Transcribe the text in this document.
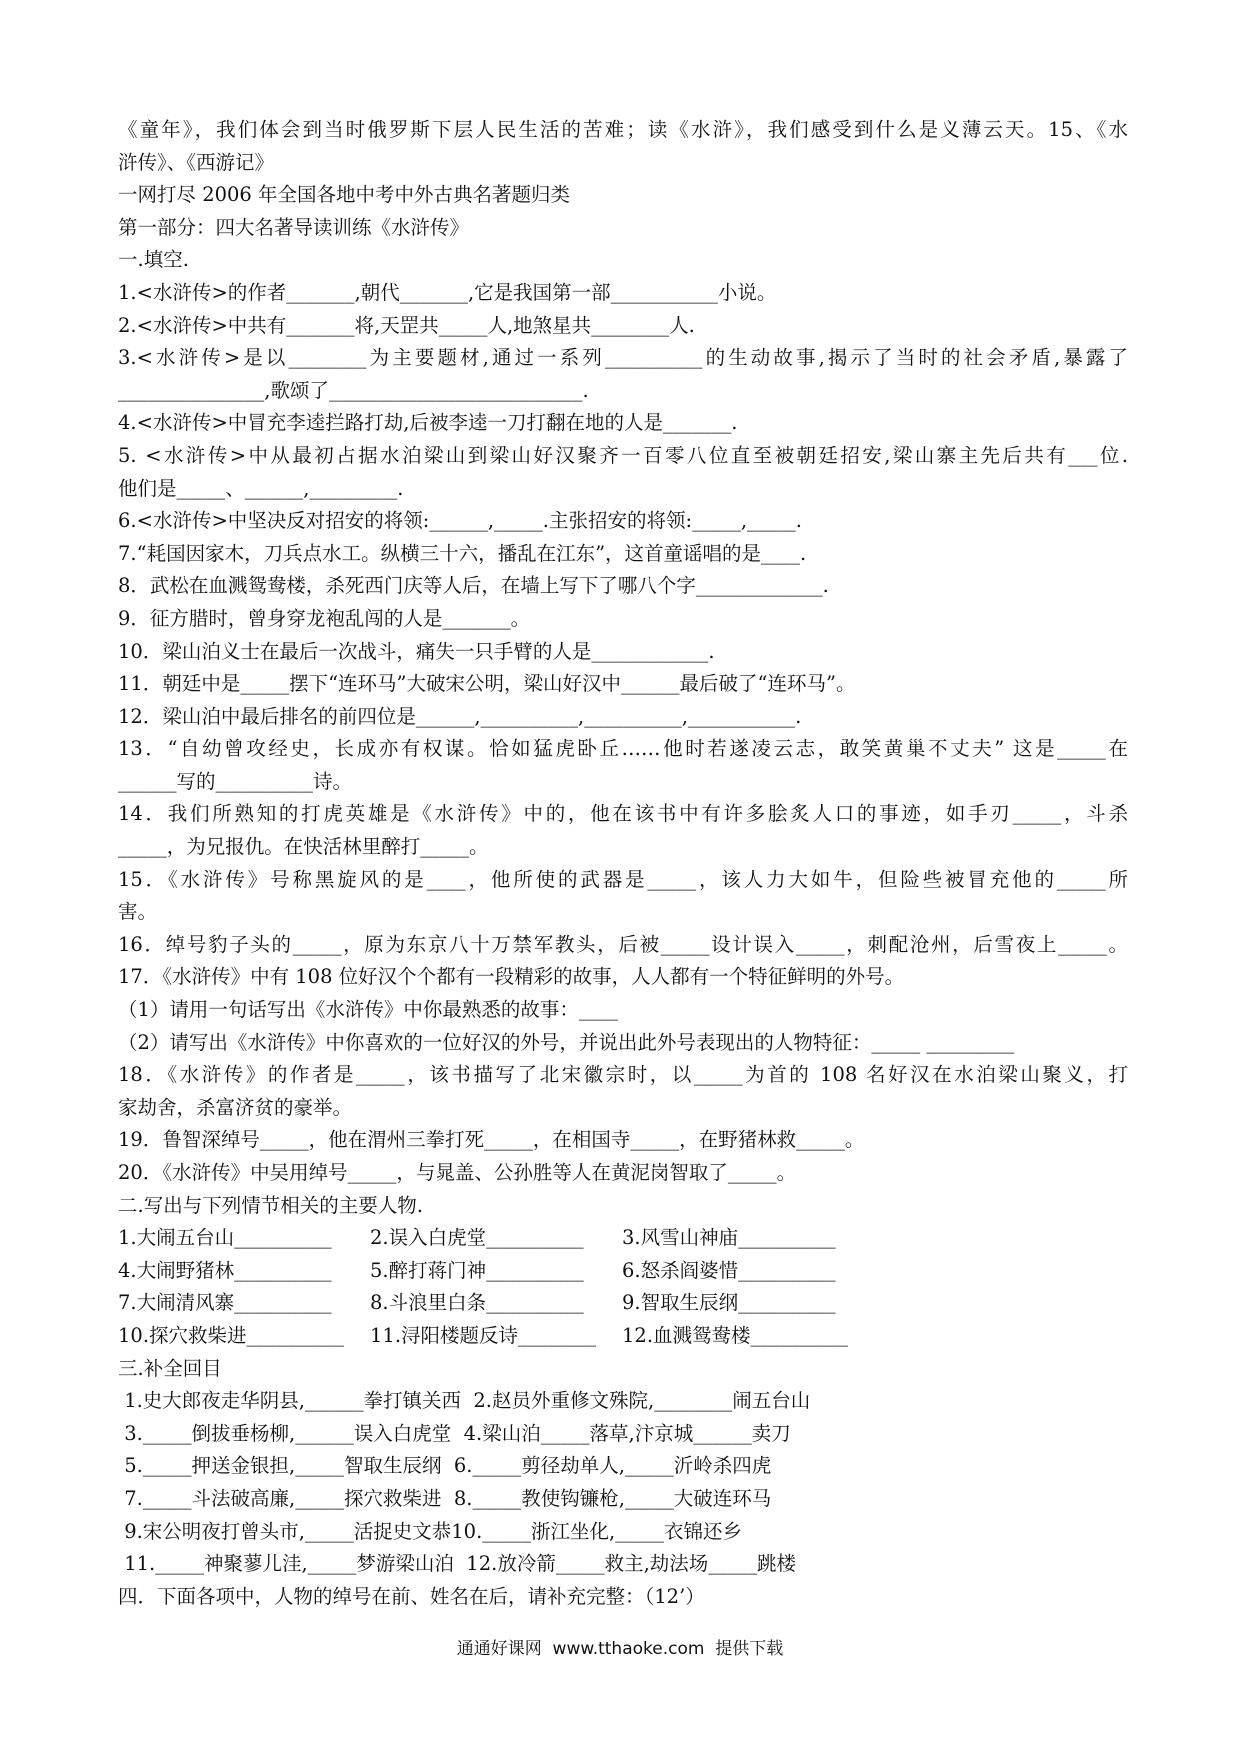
《童年》，我们体会到当时俄罗斯下层人民生活的苦难；读《水浒》，我们感受到什么是义薄云天。15、《水
浒传》、《西游记》
一网打尽 2006 年全国各地中考中外古典名著题归类
第一部分：四大名著导读训练《水浒传》
一.填空.
1.<水浒传>的作者_______,朝代_______,它是我国第一部___________小说。
2.<水浒传>中共有_______将,天罡共_____人,地煞星共________人.
3.<水浒传>是以________为主要题材,通过一系列__________的生动故事,揭示了当时的社会矛盾,暴露了
_______________,歌颂了__________________________.
4.<水浒传>中冒充李逵拦路打劫,后被李逵一刀打翻在地的人是_______.
5. <水浒传>中从最初占据水泊梁山到梁山好汉聚齐一百零八位直至被朝廷招安,梁山寨主先后共有___位.
他们是_____、______,_________.
6.<水浒传>中坚决反对招安的将领:______,_____.主张招安的将领:_____,_____.
7.“耗国因家木，刀兵点水工。纵横三十六，播乱在江东”，这首童谣唱的是____.
8．武松在血溅鸳鸯楼，杀死西门庆等人后，在墙上写下了哪八个字_____________.
9．征方腊时，曾身穿龙袍乱闯的人是_______。
10．梁山泊义士在最后一次战斗，痛失一只手臂的人是____________.
11．朝廷中是_____摆下“连环马”大破宋公明，梁山好汉中______最后破了“连环马”。
12．梁山泊中最后排名的前四位是______,__________,__________,___________.
13．“自幼曾攻经史，长成亦有权谋。恰如猛虎卧丘……他时若遂凌云志，敢笑黄巢不丈夫” 这是_____在
______写的__________诗。
14．我们所熟知的打虎英雄是《水浒传》中的，他在该书中有许多脍炙人口的事迹，如手刃_____，斗杀
_____，为兄报仇。在快活林里醉打_____。
15．《水浒传》号称黑旋风的是____，他所使的武器是_____，该人力大如牛，但险些被冒充他的_____所
害。
16．绰号豹子头的_____，原为东京八十万禁军教头，后被_____设计误入_____，刺配沧州，后雪夜上_____。
17．《水浒传》中有 108 位好汉个个都有一段精彩的故事，人人都有一个特征鲜明的外号。
（1）请用一句话写出《水浒传》中你最熟悉的故事：____
（2）请写出《水浒传》中你喜欢的一位好汉的外号，并说出此外号表现出的人物特征：_____ _________
18．《水浒传》的作者是_____，该书描写了北宋徽宗时，以_____为首的 108 名好汉在水泊梁山聚义，打
家劫舍，杀富济贫的豪举。
19．鲁智深绰号_____，他在渭州三拳打死_____，在相国寺_____，在野猪林救_____。
20．《水浒传》中吴用绰号_____，与晁盖、公孙胜等人在黄泥岗智取了_____。
二.写出与下列情节相关的主要人物.
1.大闹五台山__________	2.误入白虎堂__________	3.风雪山神庙__________
4.大闹野猪林__________	5.醉打蒋门神__________	6.怒杀阎婆惜__________
7.大闹清风寨__________	8.斗浪里白条__________	9.智取生辰纲__________
10.探穴救柴进__________	11.浔阳楼题反诗________	12.血溅鸳鸯楼__________
三.补全回目
1.史大郎夜走华阴县,______拳打镇关西  2.赵员外重修文殊院,________闹五台山
3._____倒拔垂杨柳,______误入白虎堂  4.梁山泊_____落草,汴京城______卖刀
5._____押送金银担,_____智取生辰纲  6._____剪径劫单人,_____沂岭杀四虎
7._____斗法破高廉,_____探穴救柴进  8._____教使钩镰枪,_____大破连环马
9.宋公明夜打曾头市,_____活捉史文恭10._____浙江坐化,_____衣锦还乡
11._____神聚蓼儿洼,_____梦游梁山泊  12.放冷箭_____救主,劫法场_____跳楼
四．下面各项中，人物的绰号在前、姓名在后，请补充完整：（12’）
通通好课网  www.tthaoke.com  提供下载
